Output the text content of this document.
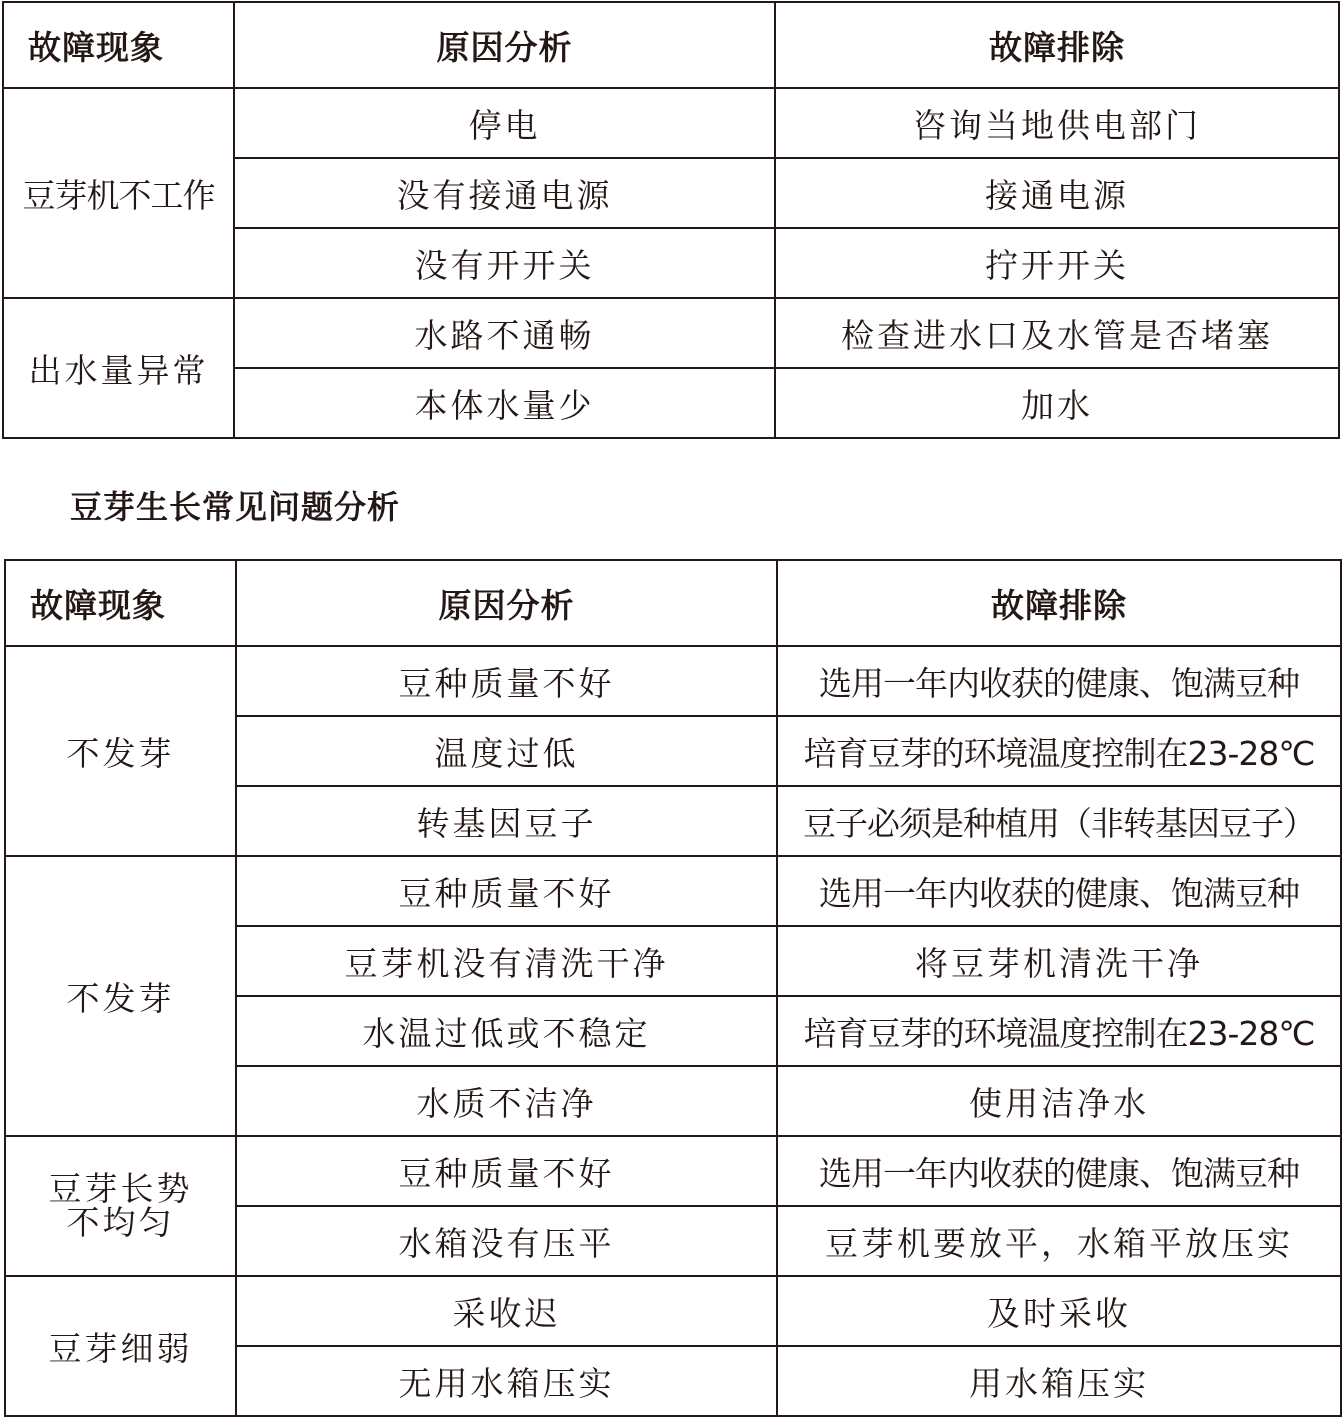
故障现象	原因分析	故障排除
豆芽机不工作	停电	咨询当地供电部门
	没有接通电源	接通电源
	没有开开关	拧开开关
出水量异常	水路不通畅	检查进水口及水管是否堵塞
	本体水量少	加水
豆芽生长常见问题分析
故障现象	原因分析	故障排除
不发芽	豆种质量不好	选用一年内收获的健康、饱满豆种
	温度过低	培育豆芽的环境温度控制在23-28℃
	转基因豆子	豆子必须是种植用（非转基因豆子）
不发芽	豆种质量不好	选用一年内收获的健康、饱满豆种
	豆芽机没有清洗干净	将豆芽机清洗干净
	水温过低或不稳定	培育豆芽的环境温度控制在23-28℃
	水质不洁净	使用洁净水
豆芽长势不均匀	豆种质量不好	选用一年内收获的健康、饱满豆种
	水箱没有压平	豆芽机要放平，水箱平放压实
豆芽细弱	采收迟	及时采收
	无用水箱压实	用水箱压实
